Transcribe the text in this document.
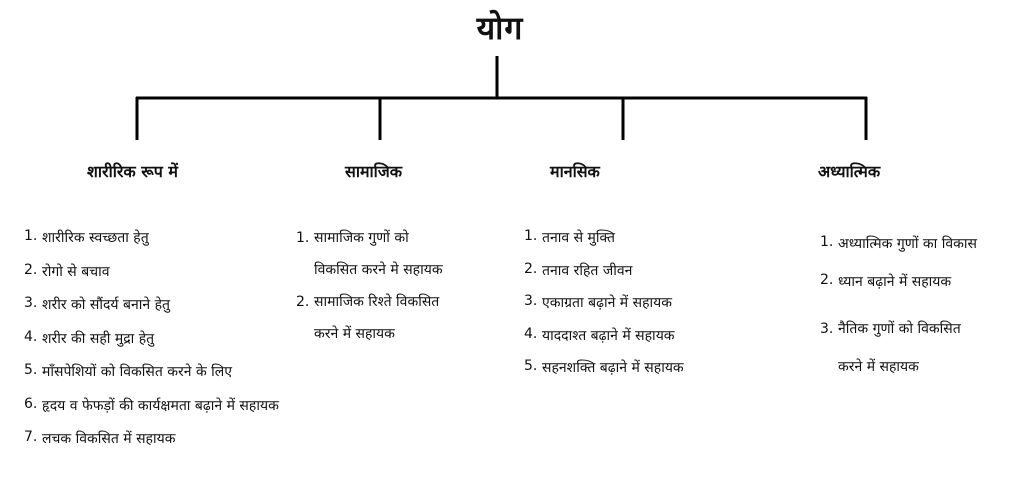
योग
शारीरिक रूप में	सामाजिक	मानसिक	अध्यात्मिक
1. शारीरिक स्वच्छता हेतु
2. रोगो से बचाव
3. शरीर को सौंदर्य बनाने हेतु
4. शरीर की सही मुद्रा हेतु
5. माँसपेशियों को विकसित करने के लिए
6. हृदय व फेफड़ों की कार्यक्षमता बढ़ाने में सहायक
7. लचक विकसित में सहायक
1. सामाजिक गुणों को
विकसित करने मे सहायक
2. सामाजिक रिश्ते विकसित
करने में सहायक
1. तनाव से मुक्ति
2. तनाव रहित जीवन
3. एकाग्रता बढ़ाने में सहायक
4. याददाश्त बढ़ाने में सहायक
5. सहनशक्ति बढ़ाने में सहायक
1. अध्यात्मिक गुणों का विकास
2. ध्यान बढ़ाने में सहायक
3. नैतिक गुणों को विकसित
करने में सहायक
